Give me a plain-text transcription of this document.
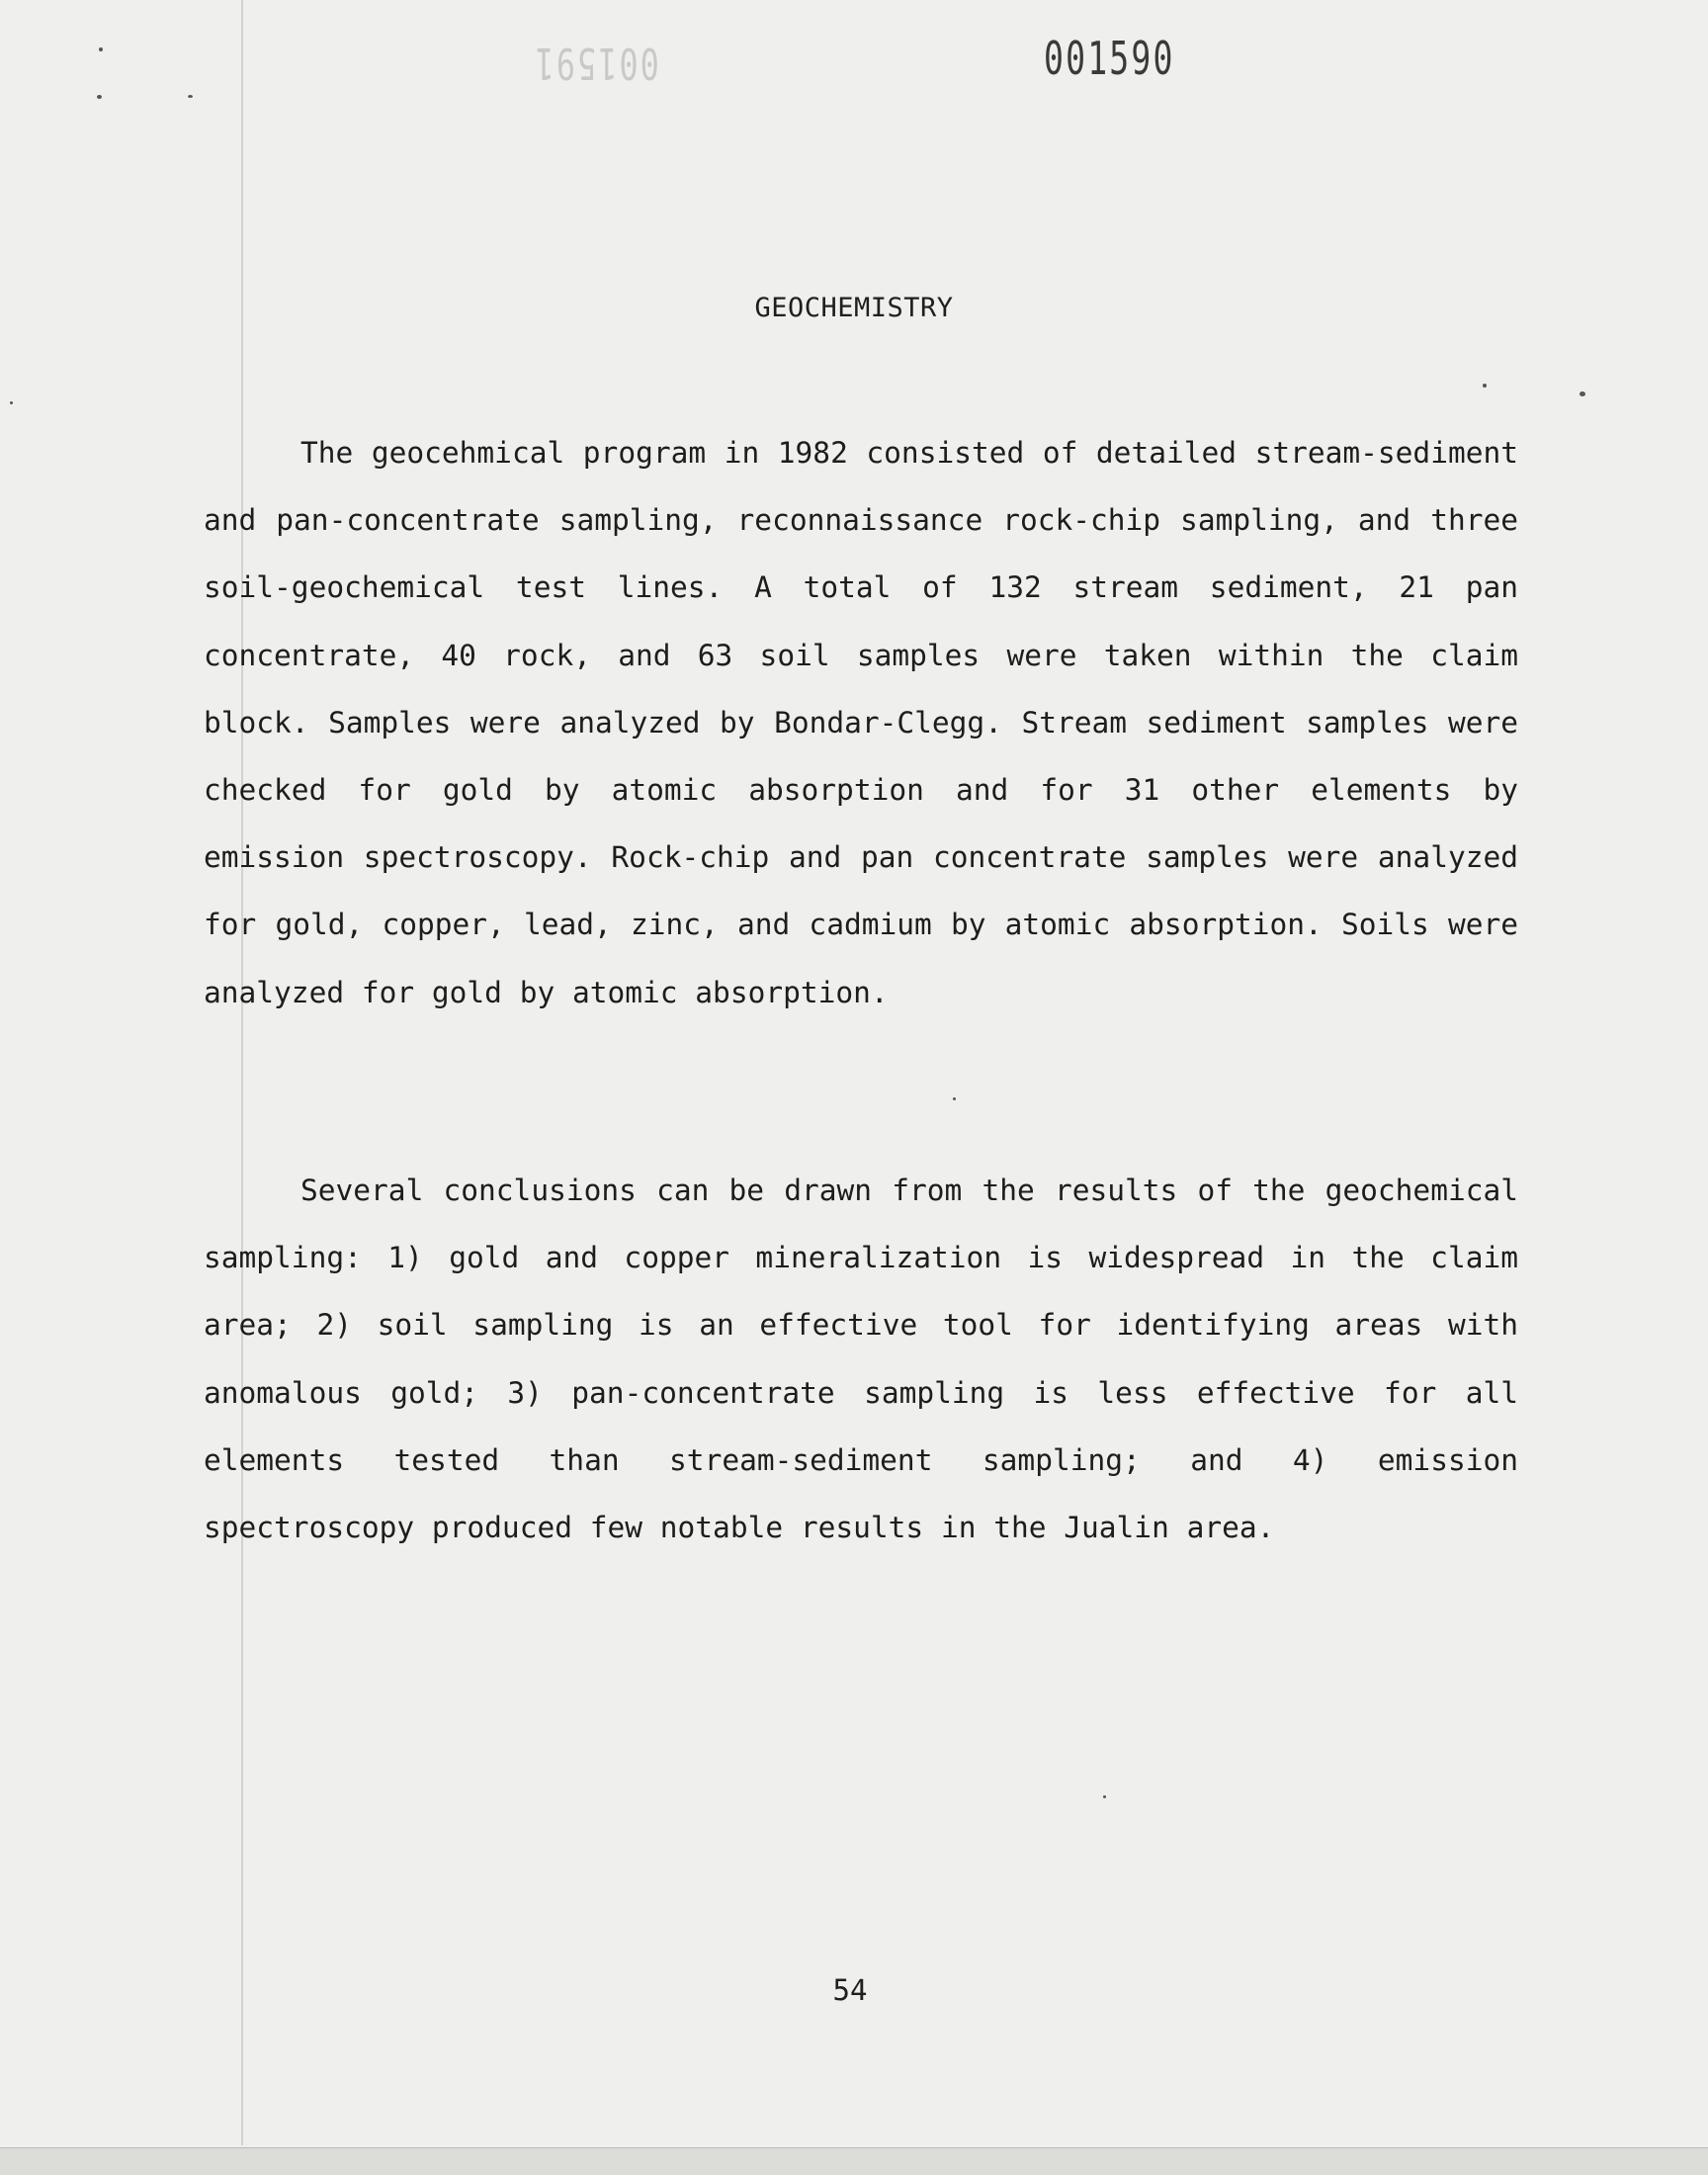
001591	001590
GEOCHEMISTRY

The geocehmical program in 1982 consisted of detailed stream-sediment and pan-concentrate sampling, reconnaissance rock-chip sampling, and three soil-geochemical test lines. A total of 132 stream sediment, 21 pan concentrate, 40 rock, and 63 soil samples were taken within the claim block. Samples were analyzed by Bondar-Clegg. Stream sediment samples were checked for gold by atomic absorption and for 31 other elements by emission spectroscopy. Rock-chip and pan concentrate samples were analyzed for gold, copper, lead, zinc, and cadmium by atomic absorption. Soils were analyzed for gold by atomic absorption.

Several conclusions can be drawn from the results of the geochemical sampling: 1) gold and copper mineralization is widespread in the claim area; 2) soil sampling is an effective tool for identifying areas with anomalous gold; 3) pan-concentrate sampling is less effective for all elements tested than stream-sediment sampling; and 4) emission spectroscopy produced few notable results in the Jualin area.

54
